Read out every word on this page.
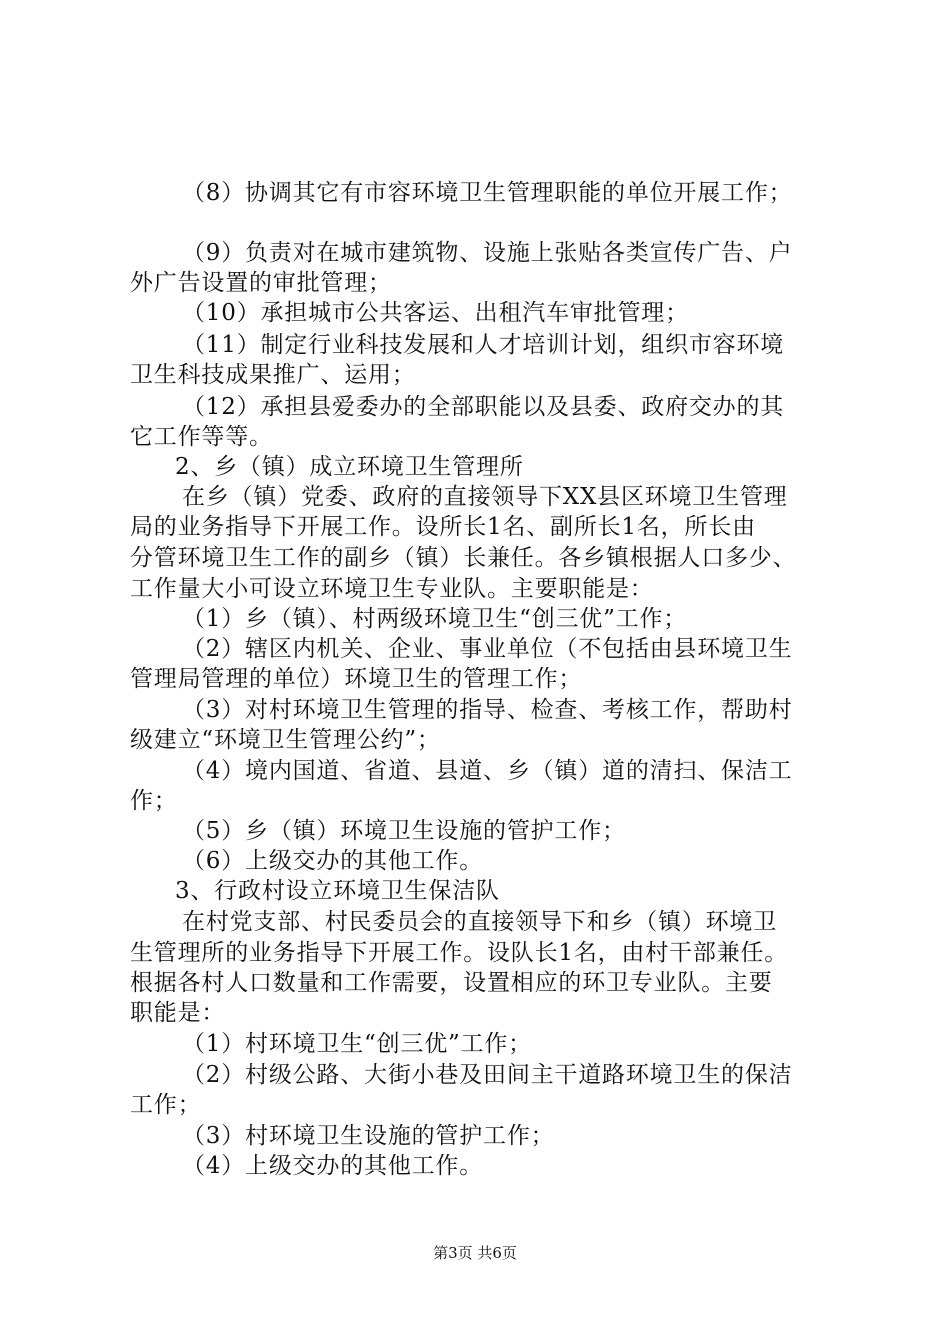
（8）协调其它有市容环境卫生管理职能的单位开展工作；
（9）负责对在城市建筑物、设施上张贴各类宣传广告、户
外广告设置的审批管理；
（10）承担城市公共客运、出租汽车审批管理；
（11）制定行业科技发展和人才培训计划，组织市容环境
卫生科技成果推广、运用；
（12）承担县爱委办的全部职能以及县委、政府交办的其
它工作等等。
2、乡（镇）成立环境卫生管理所
在乡（镇）党委、政府的直接领导下XX县区环境卫生管理
局的业务指导下开展工作。设所长1名、副所长1名，所长由
分管环境卫生工作的副乡（镇）长兼任。各乡镇根据人口多少、
工作量大小可设立环境卫生专业队。主要职能是：
（1）乡（镇）、村两级环境卫生“创三优”工作；
（2）辖区内机关、企业、事业单位（不包括由县环境卫生
管理局管理的单位）环境卫生的管理工作；
（3）对村环境卫生管理的指导、检查、考核工作，帮助村
级建立“环境卫生管理公约”；
（4）境内国道、省道、县道、乡（镇）道的清扫、保洁工
作；
（5）乡（镇）环境卫生设施的管护工作；
（6）上级交办的其他工作。
3、行政村设立环境卫生保洁队
在村党支部、村民委员会的直接领导下和乡（镇）环境卫
生管理所的业务指导下开展工作。设队长1名，由村干部兼任。
根据各村人口数量和工作需要，设置相应的环卫专业队。主要
职能是：
（1）村环境卫生“创三优”工作；
（2）村级公路、大街小巷及田间主干道路环境卫生的保洁
工作；
（3）村环境卫生设施的管护工作；
（4）上级交办的其他工作。
第3页 共6页
